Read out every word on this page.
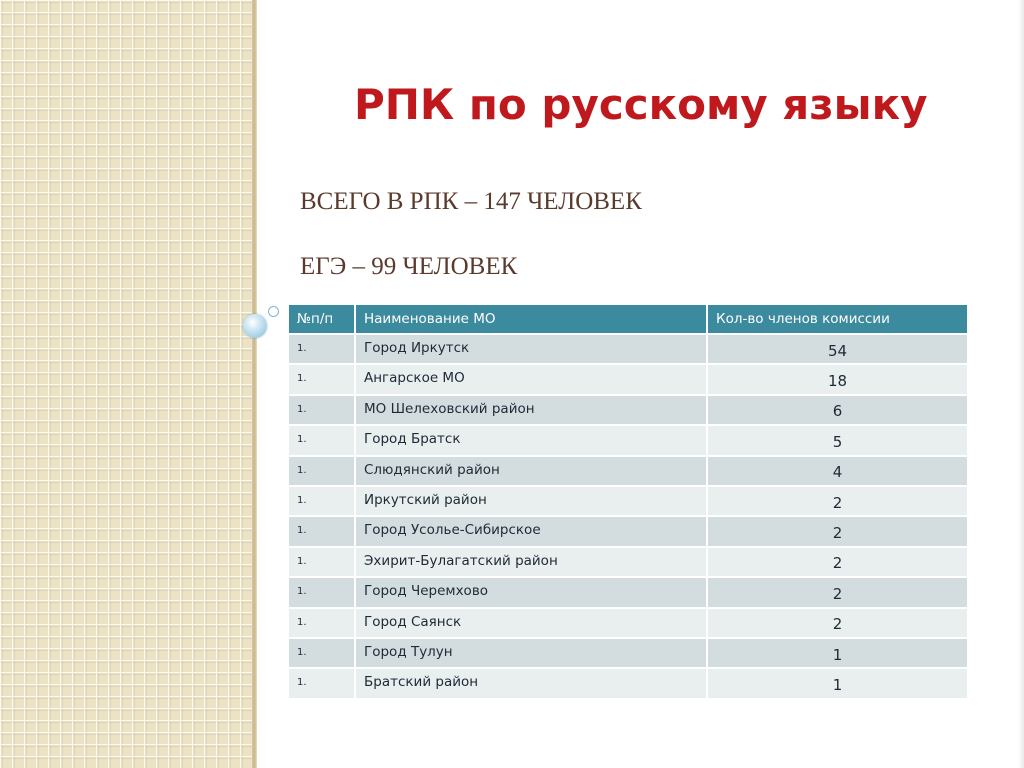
РПК по русскому языку

ВСЕГО В РПК – 147 ЧЕЛОВЕК

ЕГЭ – 99 ЧЕЛОВЕК

№п/п	Наименование МО	Кол-во членов комиссии
1.	Город Иркутск	54
1.	Ангарское МО	18
1.	МО Шелеховский район	6
1.	Город Братск	5
1.	Слюдянский район	4
1.	Иркутский район	2
1.	Город Усолье-Сибирское	2
1.	Эхирит-Булагатский район	2
1.	Город Черемхово	2
1.	Город Саянск	2
1.	Город Тулун	1
1.	Братский район	1
